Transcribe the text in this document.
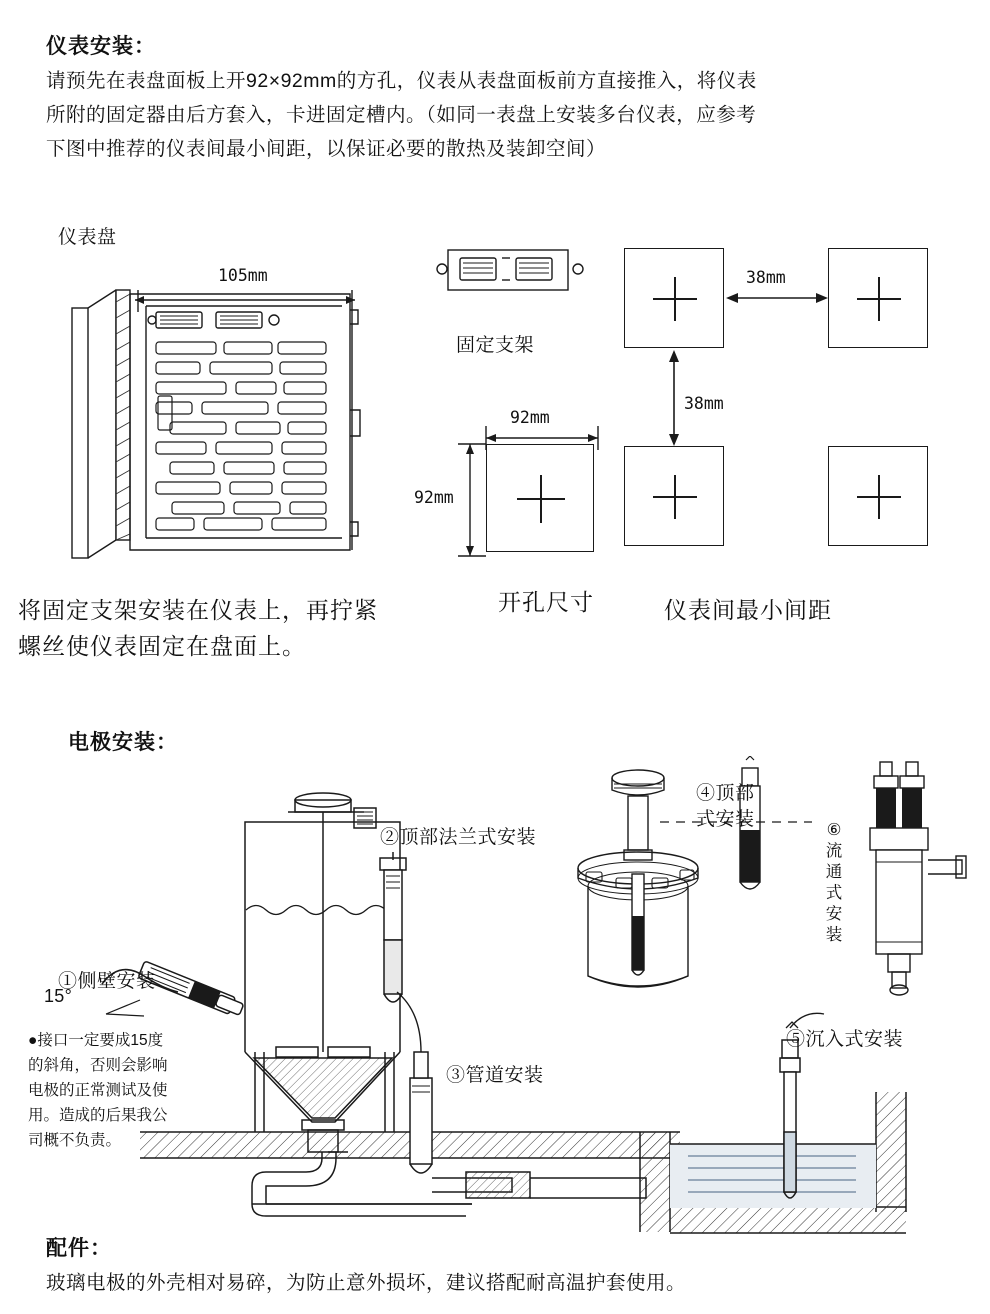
仪表安装：
请预先在表盘面板上开92×92mm的方孔，仪表从表盘面板前方直接推入，将仪表
所附的固定器由后方套入，卡进固定槽内。（如同一表盘上安装多台仪表，应参考
下图中推荐的仪表间最小间距，以保证必要的散热及装卸空间）
仪表盘
105mm
将固定支架安装在仪表上，再拧紧
螺丝使仪表固定在盘面上。
固定支架
92mm
92mm
开孔尺寸
38mm
38mm
仪表间最小间距
电极安装：
①侧壁安装
15°
②顶部法兰式安装
③管道安装
④顶部
式安装
⑤沉入式安装
⑥
流
通
式
安
装
●接口一定要成15度
的斜角，否则会影响
电极的正常测试及使
用。造成的后果我公
司概不负责。
配件：
玻璃电极的外壳相对易碎，为防止意外损坏，建议搭配耐高温护套使用。
